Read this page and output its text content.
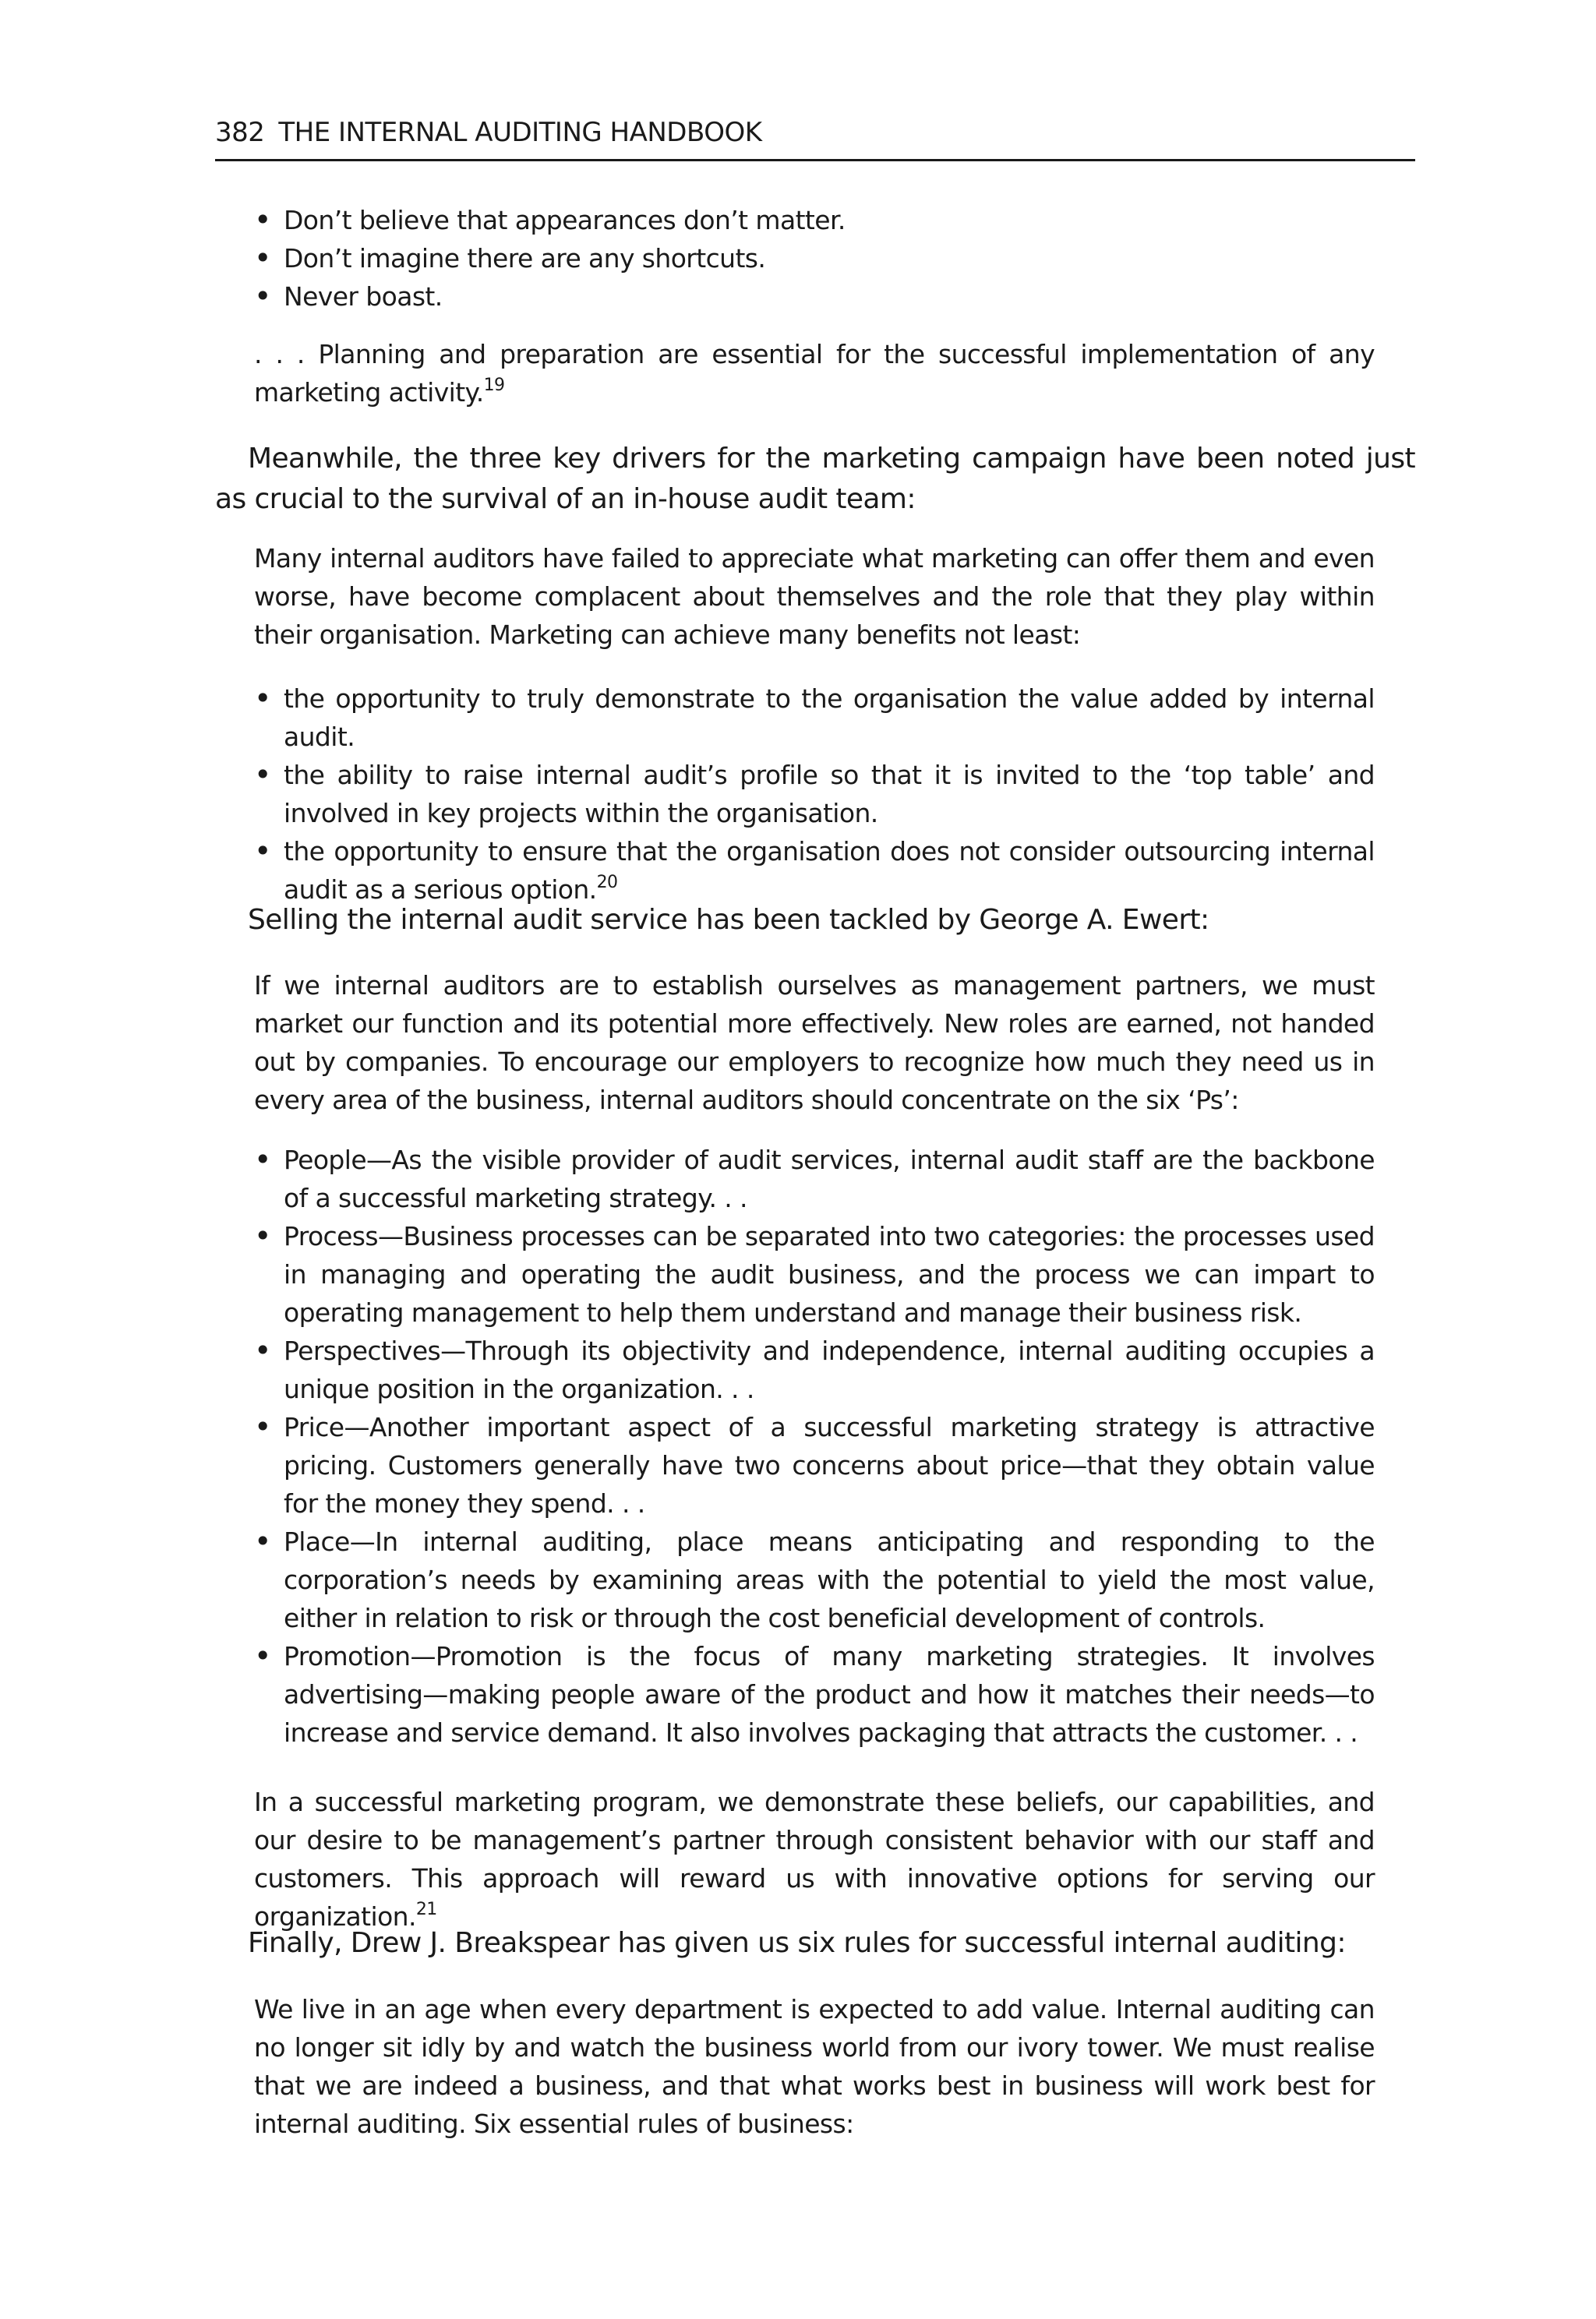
382 THE INTERNAL AUDITING HANDBOOK
• Don’t believe that appearances don’t matter.
• Don’t imagine there are any shortcuts.
• Never boast.

. . . Planning and preparation are essential for the successful implementation of any marketing activity.$^{19}$

Meanwhile, the three key drivers for the marketing campaign have been noted just as crucial to the survival of an in-house audit team:

Many internal auditors have failed to appreciate what marketing can offer them and even worse, have become complacent about themselves and the role that they play within their organisation. Marketing can achieve many benefits not least:

• the opportunity to truly demonstrate to the organisation the value added by internal audit.
• the ability to raise internal audit’s profile so that it is invited to the ‘top table’ and involved in key projects within the organisation.
• the opportunity to ensure that the organisation does not consider outsourcing internal audit as a serious option.$^{20}$

Selling the internal audit service has been tackled by George A. Ewert:

If we internal auditors are to establish ourselves as management partners, we must market our function and its potential more effectively. New roles are earned, not handed out by companies. To encourage our employers to recognize how much they need us in every area of the business, internal auditors should concentrate on the six ‘Ps’:

• People—As the visible provider of audit services, internal audit staff are the backbone of a successful marketing strategy. . .
• Process—Business processes can be separated into two categories: the processes used in managing and operating the audit business, and the process we can impart to operating management to help them understand and manage their business risk.
• Perspectives—Through its objectivity and independence, internal auditing occupies a unique position in the organization. . .
• Price—Another important aspect of a successful marketing strategy is attractive pricing. Customers generally have two concerns about price—that they obtain value for the money they spend. . .
• Place—In internal auditing, place means anticipating and responding to the corporation’s needs by examining areas with the potential to yield the most value, either in relation to risk or through the cost beneficial development of controls.
• Promotion—Promotion is the focus of many marketing strategies. It involves advertising—making people aware of the product and how it matches their needs—to increase and service demand. It also involves packaging that attracts the customer. . .

In a successful marketing program, we demonstrate these beliefs, our capabilities, and our desire to be management’s partner through consistent behavior with our staff and customers. This approach will reward us with innovative options for serving our organization.$^{21}$

Finally, Drew J. Breakspear has given us six rules for successful internal auditing:

We live in an age when every department is expected to add value. Internal auditing can no longer sit idly by and watch the business world from our ivory tower. We must realise that we are indeed a business, and that what works best in business will work best for internal auditing. Six essential rules of business:
